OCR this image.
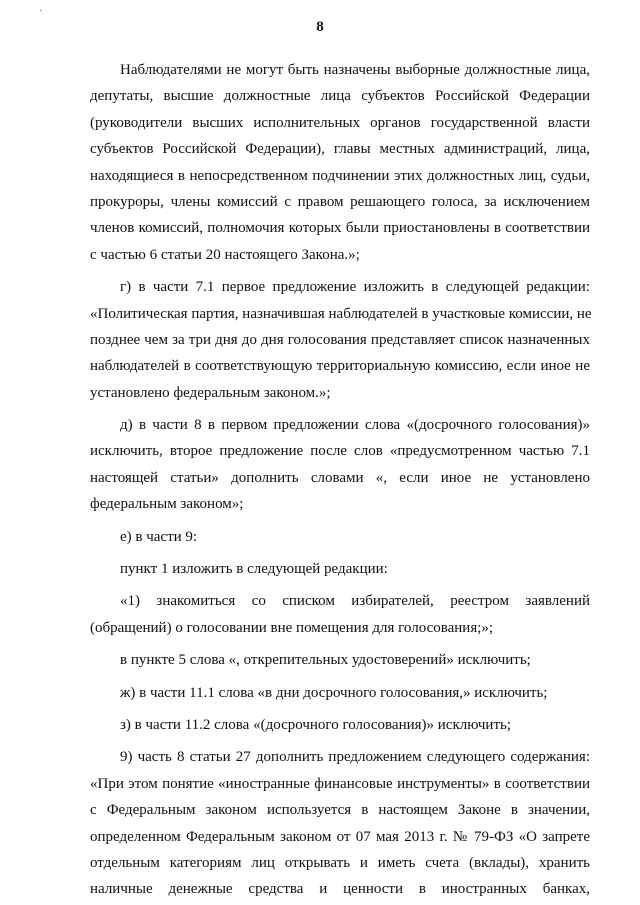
′
8
Наблюдателями не могут быть назначены выборные должностные лица,
депутаты, высшие должностные лица субъектов Российской Федерации
(руководители высших исполнительных органов государственной власти
субъектов Российской Федерации), главы местных администраций, лица,
находящиеся в непосредственном подчинении этих должностных лиц, судьи,
прокуроры, члены комиссий с правом решающего голоса, за исключением
членов комиссий, полномочия которых были приостановлены в соответствии
с частью 6 статьи 20 настоящего Закона.»;
г) в части 7.1 первое предложение изложить в следующей редакции:
«Политическая партия, назначившая наблюдателей в участковые комиссии, не
позднее чем за три дня до дня голосования представляет список назначенных
наблюдателей в соответствующую территориальную комиссию, если иное не
установлено федеральным законом.»;
д) в части 8 в первом предложении слова «(досрочного голосования)»
исключить, второе предложение после слов «предусмотренном частью 7.1
настоящей статьи» дополнить словами «, если иное не установлено
федеральным законом»;
е) в части 9:
пункт 1 изложить в следующей редакции:
«1) знакомиться со списком избирателей, реестром заявлений
(обращений) о голосовании вне помещения для голосования;»;
в пункте 5 слова «, открепительных удостоверений» исключить;
ж) в части 11.1 слова «в дни досрочного голосования,» исключить;
з) в части 11.2 слова «(досрочного голосования)» исключить;
9) часть 8 статьи 27 дополнить предложением следующего содержания:
«При этом понятие «иностранные финансовые инструменты» в соответствии
с Федеральным законом используется в настоящем Законе в значении,
определенном Федеральным законом от 07 мая 2013 г. № 79-ФЗ «О запрете
отдельным категориям лиц открывать и иметь счета (вклады), хранить
наличные денежные средства и ценности в иностранных банках,
